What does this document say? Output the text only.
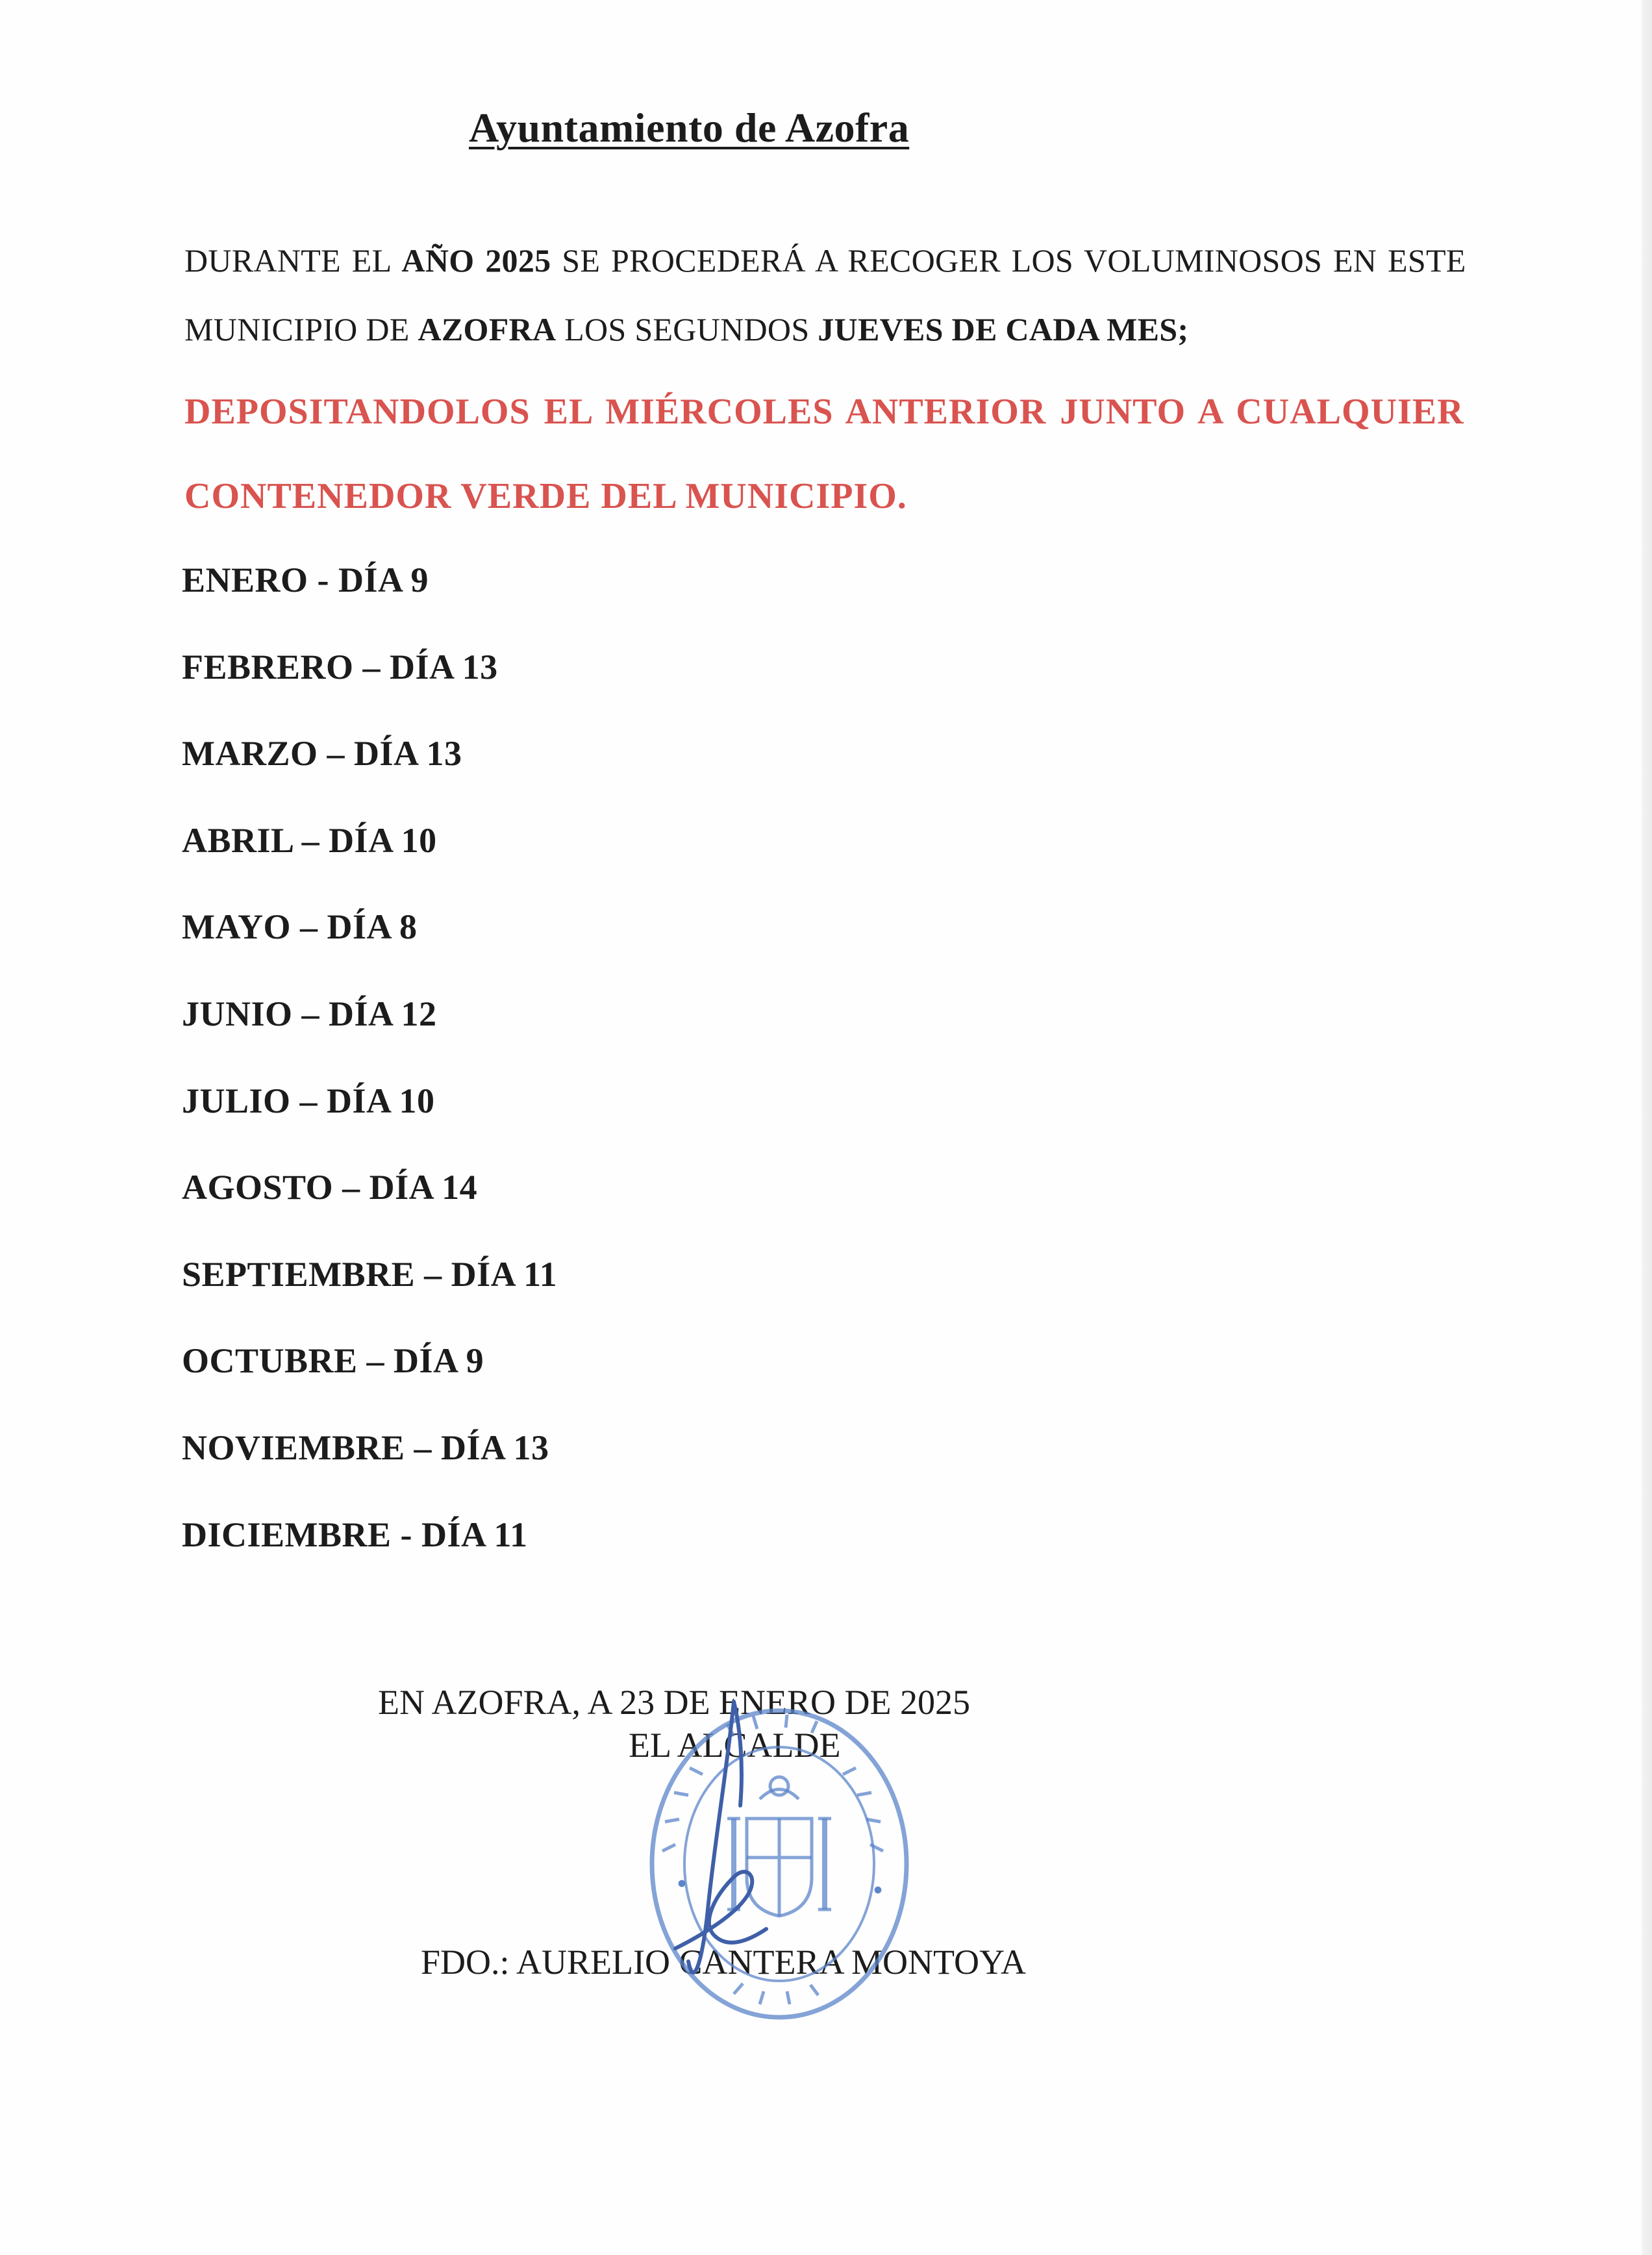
Ayuntamiento de Azofra
DURANTE EL AÑO 2025 SE PROCEDERÁ A RECOGER LOS VOLUMINOSOS EN ESTE
MUNICIPIO DE AZOFRA LOS SEGUNDOS JUEVES DE CADA MES;
DEPOSITANDOLOS EL MIÉRCOLES ANTERIOR JUNTO A CUALQUIER
CONTENEDOR VERDE DEL MUNICIPIO.
ENERO - DÍA 9
FEBRERO – DÍA 13
MARZO – DÍA 13
ABRIL – DÍA 10
MAYO – DÍA 8
JUNIO – DÍA 12
JULIO – DÍA 10
AGOSTO – DÍA 14
SEPTIEMBRE – DÍA 11
OCTUBRE – DÍA 9
NOVIEMBRE – DÍA 13
DICIEMBRE - DÍA 11
EN AZOFRA, A 23 DE ENERO DE 2025
EL ALCALDE
FDO.: AURELIO CANTERA MONTOYA
